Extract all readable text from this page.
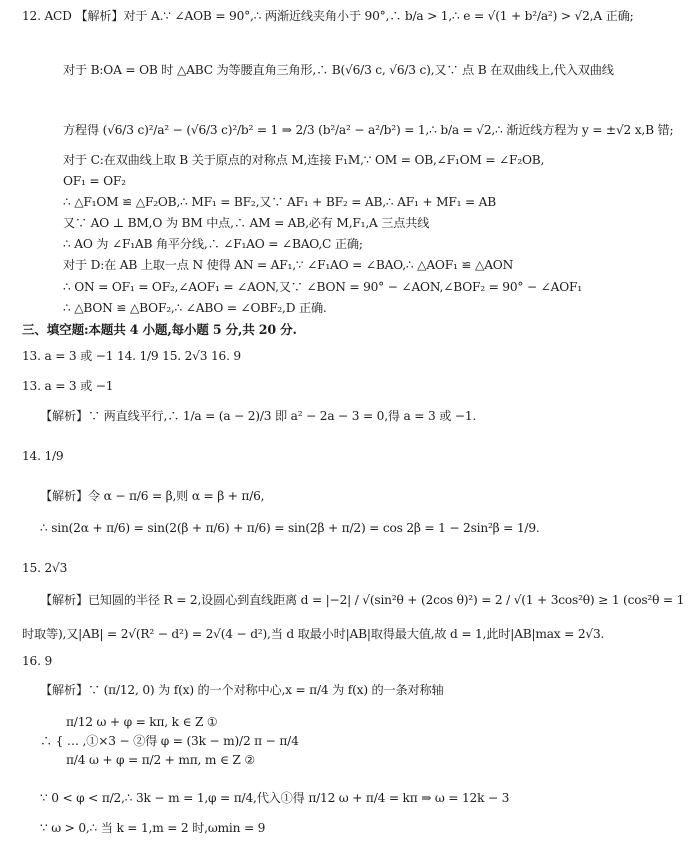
12. ACD 【解析】对于 A.∵ ∠AOB = 90°,∴ 两渐近线夹角小于 90°,∴ b/a > 1,∴ e = √(1 + b²/a²) > √2,A 正确;
对于 B:OA = OB 时 △ABC 为等腰直角三角形,∴ B(√6/3 c, √6/3 c),又∵ 点 B 在双曲线上,代入双曲线
方程得 (√6/3 c)²/a² − (√6/3 c)²/b² = 1 ⇒ 2/3 (b²/a² − a²/b²) = 1,∴ b/a = √2,∴ 渐近线方程为 y = ±√2 x,B 错;
对于 C:在双曲线上取 B 关于原点的对称点 M,连接 F₁M,∵ OM = OB,∠F₁OM = ∠F₂OB,
OF₁ = OF₂
∴ △F₁OM ≌ △F₂OB,∴ MF₁ = BF₂,又∵ AF₁ + BF₂ = AB,∴ AF₁ + MF₁ = AB
又∵ AO ⊥ BM,O 为 BM 中点,∴ AM = AB,必有 M,F₁,A 三点共线
∴ AO 为 ∠F₁AB 角平分线,∴ ∠F₁AO = ∠BAO,C 正确;
对于 D:在 AB 上取一点 N 使得 AN = AF₁,∵ ∠F₁AO = ∠BAO,∴ △AOF₁ ≌ △AON
∴ ON = OF₁ = OF₂,∠AOF₁ = ∠AON,又∵ ∠BON = 90° − ∠AON,∠BOF₂ = 90° − ∠AOF₁
∴ △BON ≌ △BOF₂,∴ ∠ABO = ∠OBF₂,D 正确.
三、填空题:本题共 4 小题,每小题 5 分,共 20 分.
13. a = 3 或 −1 14. 1/9 15. 2√3 16. 9
13. a = 3 或 −1
【解析】∵ 两直线平行,∴ 1/a = (a − 2)/3 即 a² − 2a − 3 = 0,得 a = 3 或 −1.
14. 1/9
【解析】令 α − π/6 = β,则 α = β + π/6,
∴ sin(2α + π/6) = sin(2(β + π/6) + π/6) = sin(2β + π/2) = cos 2β = 1 − 2sin²β = 1/9.
15. 2√3
【解析】已知圆的半径 R = 2,设圆心到直线距离 d = |−2| / √(sin²θ + (2cos θ)²) = 2 / √(1 + 3cos²θ) ≥ 1 (cos²θ = 1
时取等),又|AB| = 2√(R² − d²) = 2√(4 − d²),当 d 取最小时|AB|取得最大值,故 d = 1,此时|AB|max = 2√3.
16. 9
【解析】∵ (π/12, 0) 为 f(x) 的一个对称中心,x = π/4 为 f(x) 的一条对称轴
π/12 ω + φ = kπ, k ∈ Z ①
π/4 ω + φ = π/2 + mπ, m ∈ Z ②
∴ { … ,①×3 − ②得 φ = (3k − m)/2 π − π/4
∵ 0 < φ < π/2,∴ 3k − m = 1,φ = π/4,代入①得 π/12 ω + π/4 = kπ ⇒ ω = 12k − 3
∵ ω > 0,∴ 当 k = 1,m = 2 时,ωmin = 9
